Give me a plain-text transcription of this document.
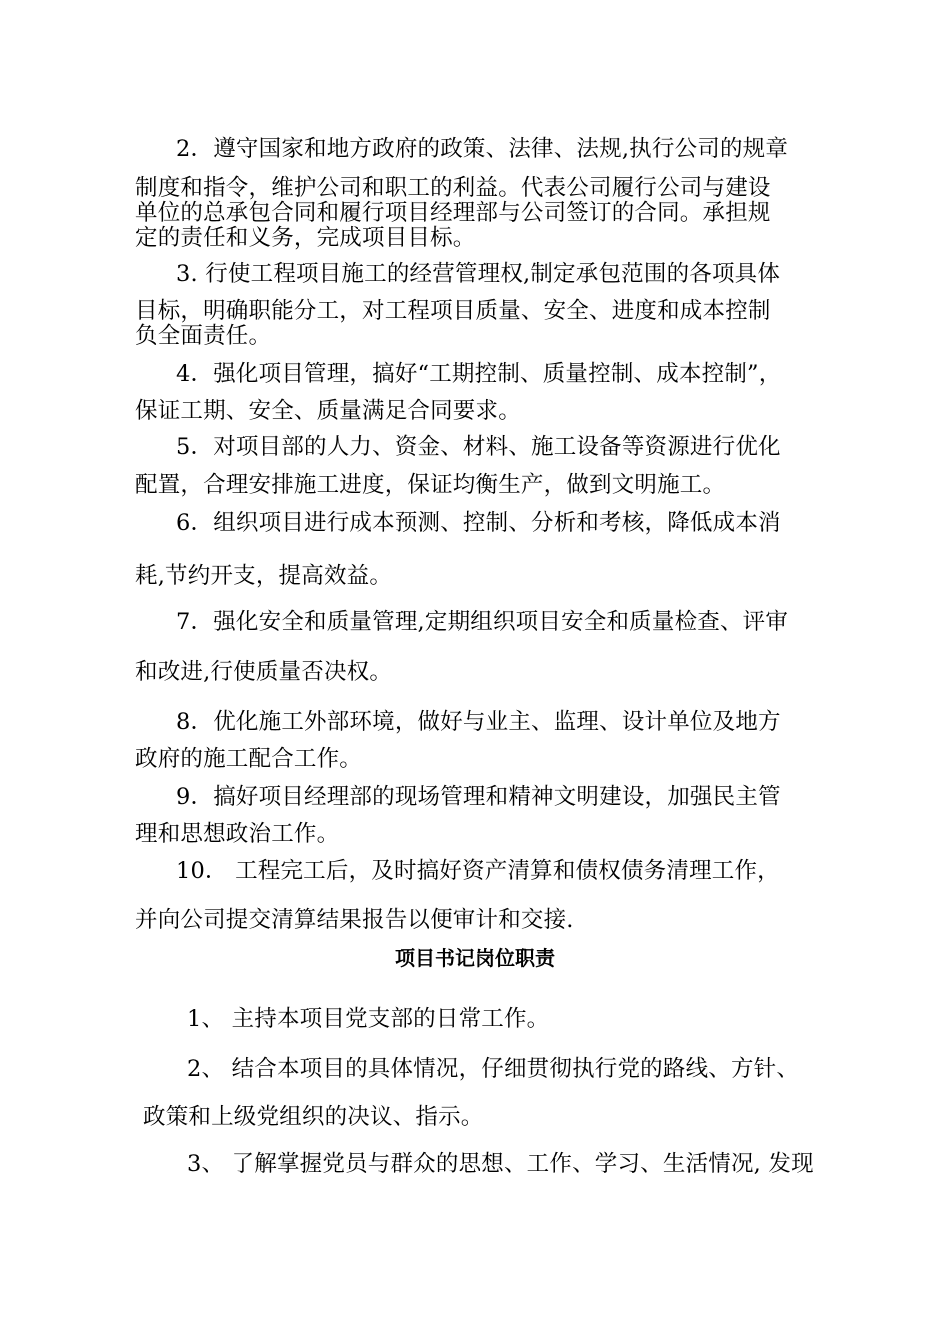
2．遵守国家和地方政府的政策、法律、法规,执行公司的规章
制度和指令，维护公司和职工的利益。代表公司履行公司与建设
单位的总承包合同和履行项目经理部与公司签订的合同。承担规
定的责任和义务，完成项目目标。
3. 行使工程项目施工的经营管理权,制定承包范围的各项具体
目标，明确职能分工，对工程项目质量、安全、进度和成本控制
负全面责任。
4．强化项目管理，搞好“工期控制、质量控制、成本控制”，
保证工期、安全、质量满足合同要求。
5．对项目部的人力、资金、材料、施工设备等资源进行优化
配置，合理安排施工进度，保证均衡生产，做到文明施工。
6．组织项目进行成本预测、控制、分析和考核，降低成本消
耗,节约开支，提高效益。
7．强化安全和质量管理,定期组织项目安全和质量检查、评审
和改进,行使质量否决权。
8．优化施工外部环境，做好与业主、监理、设计单位及地方
政府的施工配合工作。
9．搞好项目经理部的现场管理和精神文明建设，加强民主管
理和思想政治工作。
10． 工程完工后，及时搞好资产清算和债权债务清理工作，
并向公司提交清算结果报告以便审计和交接.
项目书记岗位职责
1、 主持本项目党支部的日常工作。
2、 结合本项目的具体情况，仔细贯彻执行党的路线、方针、
政策和上级党组织的决议、指示。
3、 了解掌握党员与群众的思想、工作、学习、生活情况, 发现
